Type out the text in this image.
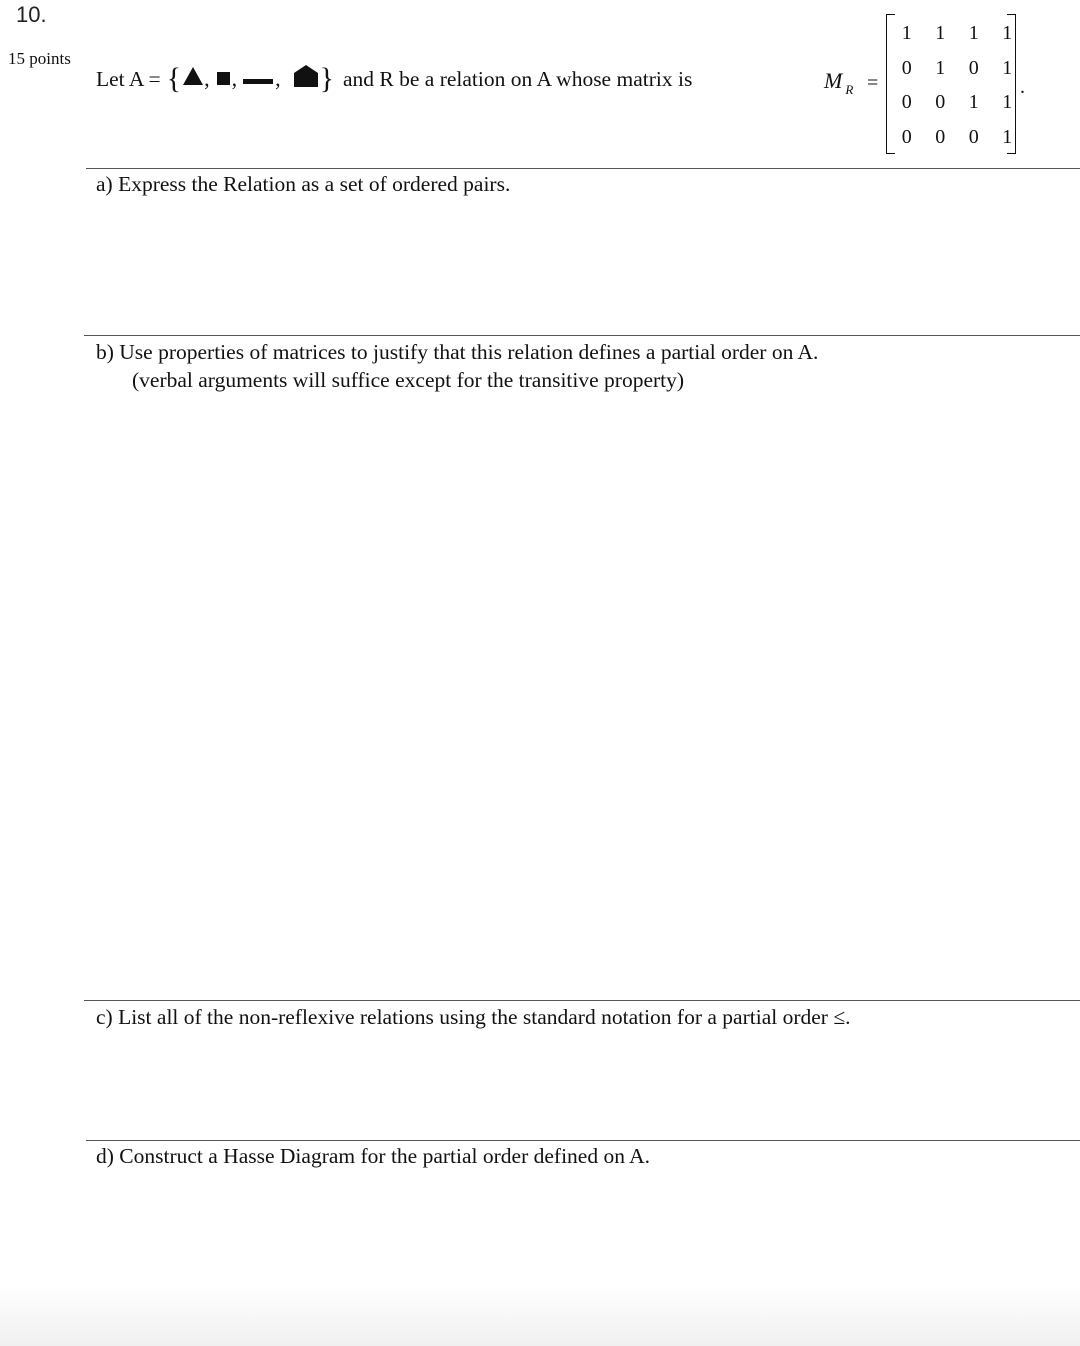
10.
15 points
Let A = { , , , } and R be a relation on A whose matrix is	M $_R$ =
1	1	1	1
0	1	0	1
0	0	1	1
0	0	0	1
.
a) Express the Relation as a set of ordered pairs.
b) Use properties of matrices to justify that this relation defines a partial order on A.
(verbal arguments will suffice except for the transitive property)
c) List all of the non-reflexive relations using the standard notation for a partial order ≤.
d) Construct a Hasse Diagram for the partial order defined on A.
